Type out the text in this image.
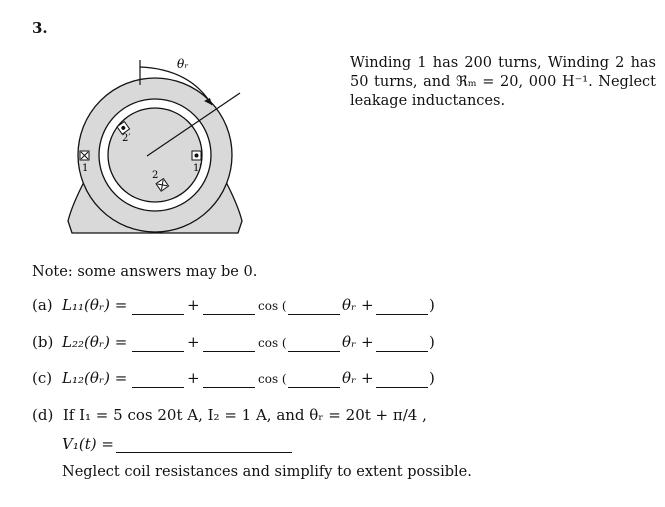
3.
θᵣ
1	1′
2
2′
Winding 1 has 200 turns, Winding 2 has 50 turns, and ℜₘ = 20, 000 H⁻¹. Neglect leakage inductances.
Note: some answers may be 0.
(a) L₁₁(θᵣ) =	+	cos (	θᵣ +	)
(b) L₂₂(θᵣ) =	+	cos (	θᵣ +	)
(c) L₁₂(θᵣ) =	+	cos (	θᵣ +	)
(d) If I₁ = 5 cos 20t A, I₂ = 1 A, and θᵣ = 20t + π/4 ,
V₁(t) =
Neglect coil resistances and simplify to extent possible.
